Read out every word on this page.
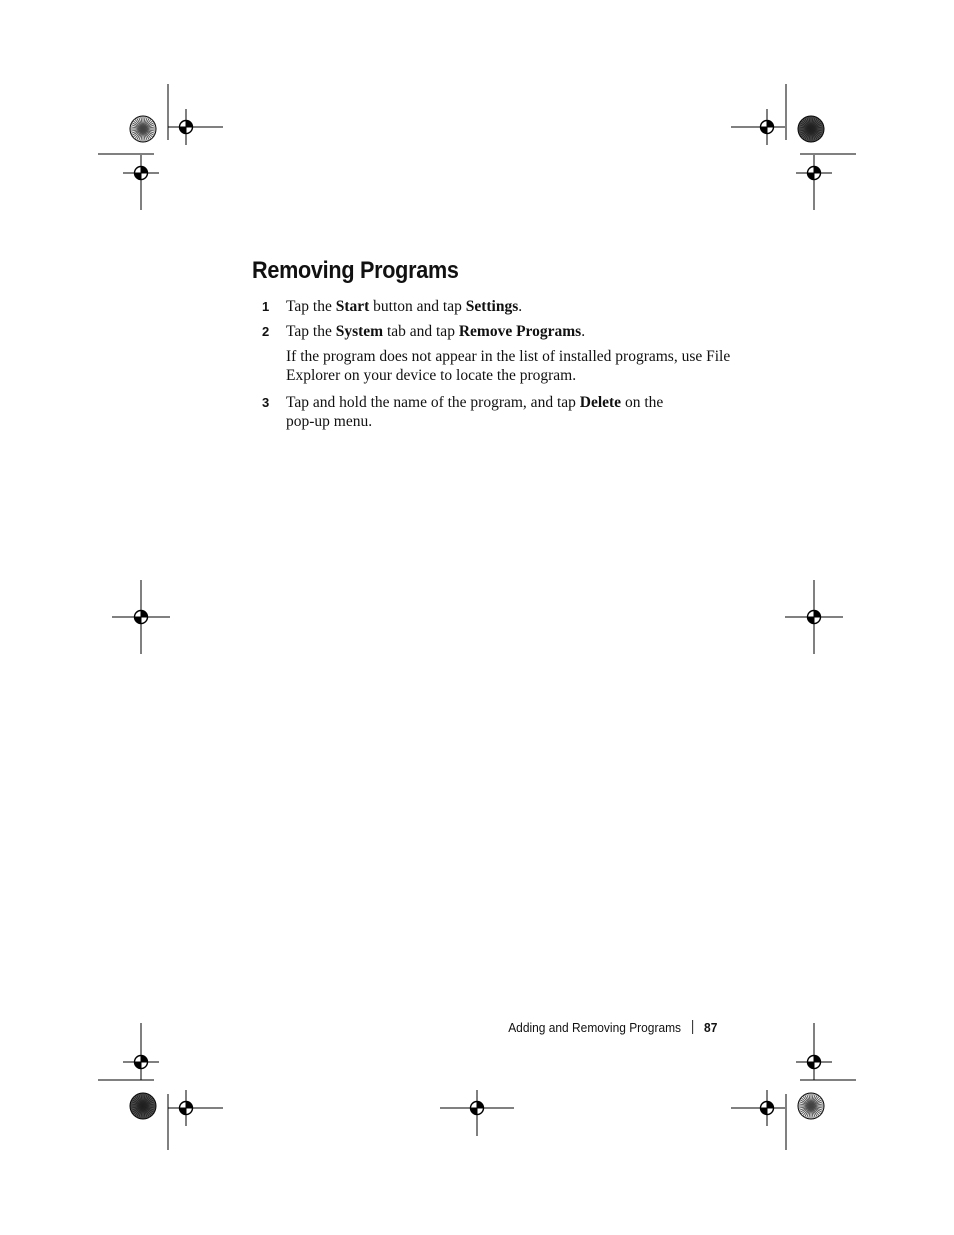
Removing Programs
1 Tap the Start button and tap Settings.
2 Tap the System tab and tap Remove Programs.
If the program does not appear in the list of installed programs, use File
Explorer on your device to locate the program.
3 Tap and hold the name of the program, and tap Delete on the
pop-up menu.
Adding and Removing Programs 87
